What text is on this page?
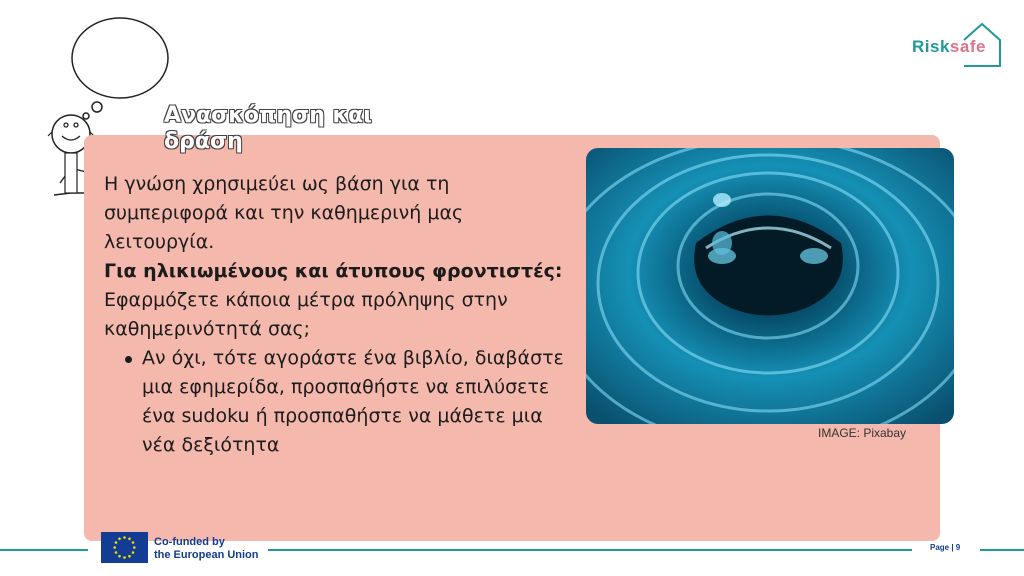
Ανασκόπηση και
δράση

Η γνώση χρησιμεύει ως βάση για τη συμπεριφορά και την καθημερινή μας λειτουργία.

Για ηλικιωμένους και άτυπους φροντιστές:

Εφαρμόζετε κάποια μέτρα πρόληψης στην καθημερινότητά σας;

Αν όχι, τότε αγοράστε ένα βιβλίο, διαβάστε μια εφημερίδα, προσπαθήστε να επιλύσετε ένα sudoku ή προσπαθήστε να μάθετε μια νέα δεξιότητα
IMAGE: Pixabay
Risksafe
Co-funded by
the European Union
Page | 9
